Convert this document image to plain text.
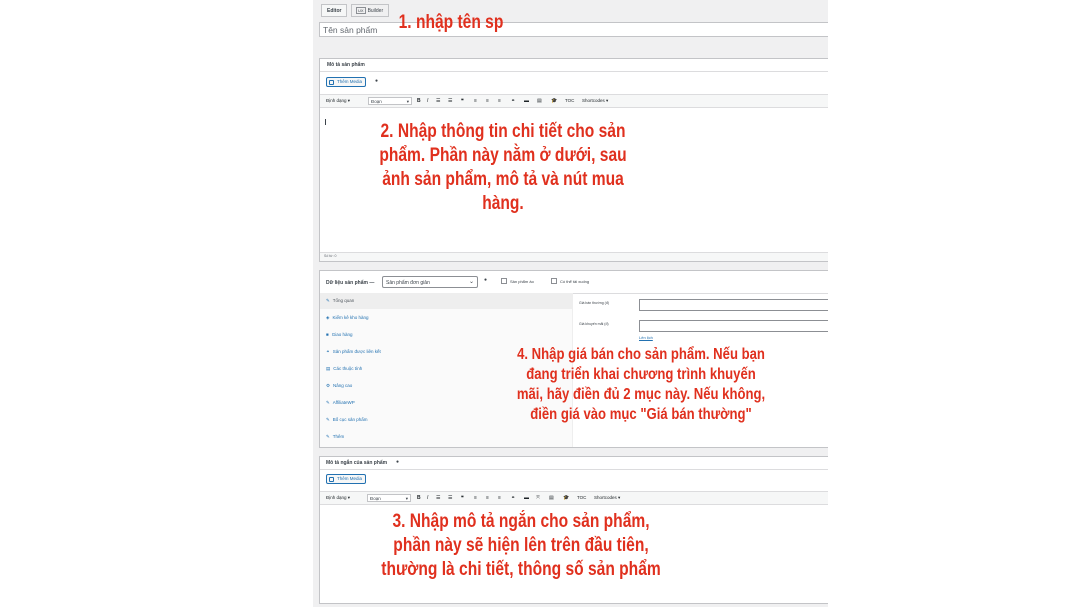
Editor	UX Builder
Tên sản phẩm
Mô tả sản phẩm
Thêm Media	●
Định dạng ▾	Đoạn	▾ B I ☰ ☰ ❝ ≡ ≡ ≡ ⚭ ▬ ▤ 🎓 TOC Shortcodes ▾
Số từ: 0
Dữ liệu sản phẩm — Sản phẩm đơn giản	⌄ ●	Sản phẩm ảo	Có thể tải xuống
✎ Tổng quan
◈ Kiểm kê kho hàng
■ Giao hàng
⚭ Sản phẩm được liên kết
▤ Các thuộc tính
⚙ Nâng cao
✎ AffiliateWP
✎ Bố cục sản phẩm
✎ Thêm
Giá bán thường (đ)
Giá khuyến mãi (đ)
Lên lịch
Mô tả ngắn của sản phẩm ●
Thêm Media
Định dạng ▾	Đoạn	▾ B I ☰ ☰ ❝ ≡ ≡ ≡ ⚭ ▬ ⤧ ▤ 🎓 TOC Shortcodes ▾
1. nhập tên sp
2. Nhập thông tin chi tiết cho sản
phẩm. Phần này nằm ở dưới, sau
ảnh sản phẩm, mô tả và nút mua
hàng.
4. Nhập giá bán cho sản phẩm. Nếu bạn
đang triển khai chương trình khuyến
mãi, hãy điền đủ 2 mục này. Nếu không,
điền giá vào mục "Giá bán thường"
3. Nhập mô tả ngắn cho sản phẩm,
phần này sẽ hiện lên trên đầu tiên,
thường là chi tiết, thông số sản phẩm
